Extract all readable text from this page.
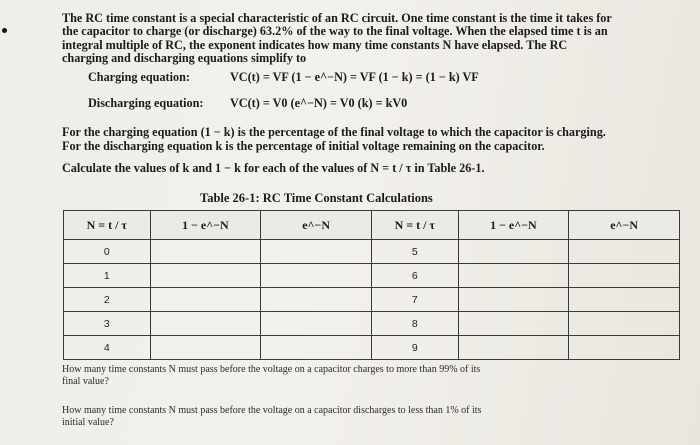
The RC time constant is a special characteristic of an RC circuit. One time constant is the time it takes for
the capacitor to charge (or discharge) 63.2% of the way to the final voltage. When the elapsed time t is an
integral multiple of RC, the exponent indicates how many time constants N have elapsed. The RC
charging and discharging equations simplify to
Charging equation:	VC(t) = VF (1 − e^−N) = VF (1 − k) = (1 − k) VF
Discharging equation: VC(t) = V0 (e^−N) = V0 (k) = kV0
For the charging equation (1 − k) is the percentage of the final voltage to which the capacitor is charging.
For the discharging equation k is the percentage of initial voltage remaining on the capacitor.
Calculate the values of k and 1 − k for each of the values of N = t / τ in Table 26-1.
Table 26-1: RC Time Constant Calculations
N = t / τ	1 − e^−N	e^−N	N = t / τ	1 − e^−N	e^−N
0			5		
1			6		
2			7		
3			8		
4			9		
How many time constants N must pass before the voltage on a capacitor charges to more than 99% of its
final value?
How many time constants N must pass before the voltage on a capacitor discharges to less than 1% of its
initial value?
